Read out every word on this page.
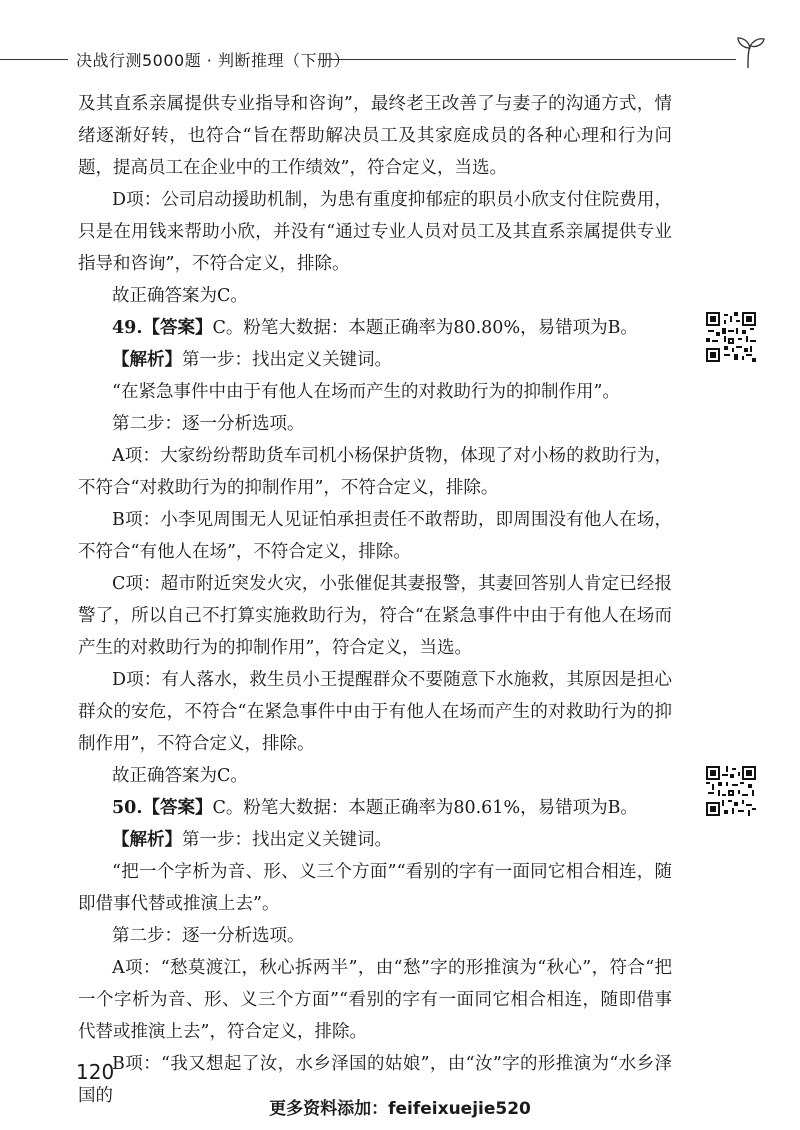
决战行测5000题 · 判断推理（下册）

及其直系亲属提供专业指导和咨询”，最终老王改善了与妻子的沟通方式，情绪逐渐好转，也符合“旨在帮助解决员工及其家庭成员的各种心理和行为问题，提高员工在企业中的工作绩效”，符合定义，当选。

D项：公司启动援助机制，为患有重度抑郁症的职员小欣支付住院费用，只是在用钱来帮助小欣，并没有“通过专业人员对员工及其直系亲属提供专业指导和咨询”，不符合定义，排除。

故正确答案为C。

49.【答案】C。粉笔大数据：本题正确率为80.80%，易错项为B。

【解析】第一步：找出定义关键词。

“在紧急事件中由于有他人在场而产生的对救助行为的抑制作用”。

第二步：逐一分析选项。

A项：大家纷纷帮助货车司机小杨保护货物，体现了对小杨的救助行为，不符合“对救助行为的抑制作用”，不符合定义，排除。

B项：小李见周围无人见证怕承担责任不敢帮助，即周围没有他人在场，不符合“有他人在场”，不符合定义，排除。

C项：超市附近突发火灾，小张催促其妻报警，其妻回答别人肯定已经报警了，所以自己不打算实施救助行为，符合“在紧急事件中由于有他人在场而产生的对救助行为的抑制作用”，符合定义，当选。

D项：有人落水，救生员小王提醒群众不要随意下水施救，其原因是担心群众的安危，不符合“在紧急事件中由于有他人在场而产生的对救助行为的抑制作用”，不符合定义，排除。

故正确答案为C。

50.【答案】C。粉笔大数据：本题正确率为80.61%，易错项为B。

【解析】第一步：找出定义关键词。

“把一个字析为音、形、义三个方面”“看别的字有一面同它相合相连，随即借事代替或推演上去”。

第二步：逐一分析选项。

A项：“愁莫渡江，秋心拆两半”，由“愁”字的形推演为“秋心”，符合“把一个字析为音、形、义三个方面”“看别的字有一面同它相合相连，随即借事代替或推演上去”，符合定义，排除。

B项：“我又想起了汝，水乡泽国的姑娘”，由“汝”字的形推演为“水乡泽国的

120
更多资料添加：feifeixuejie520
